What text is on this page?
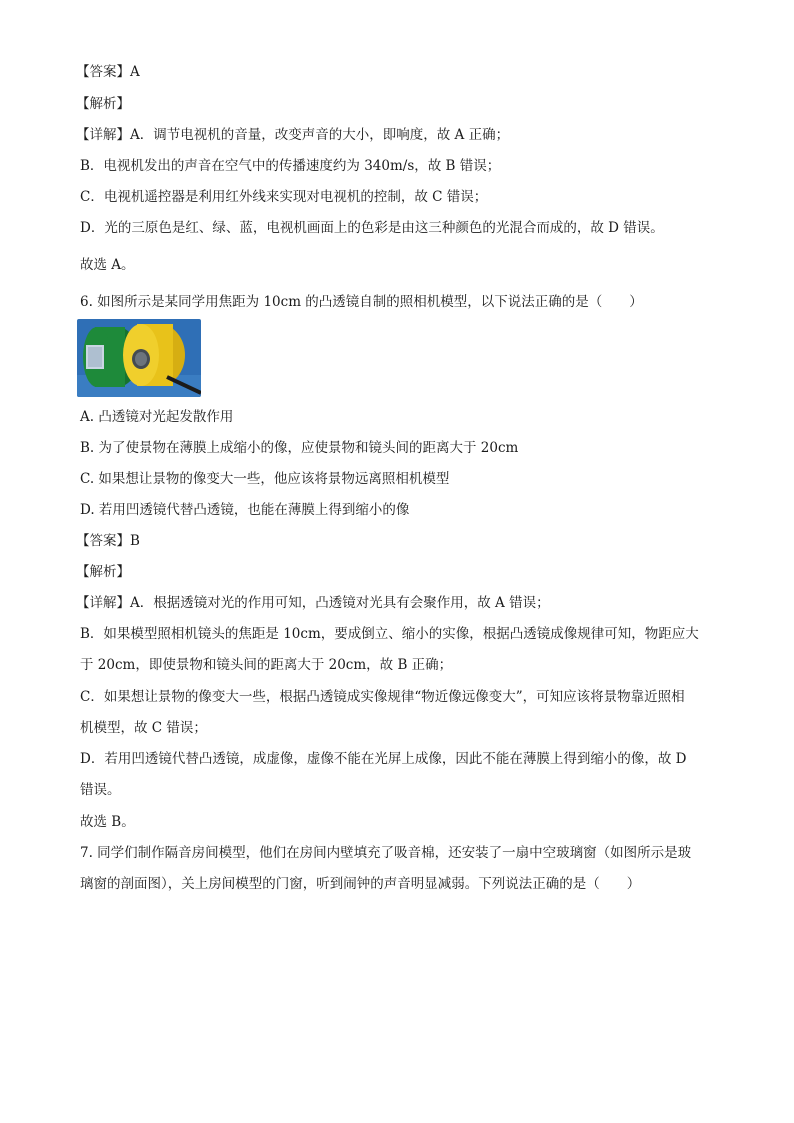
【答案】A
【解析】
【详解】A．调节电视机的音量，改变声音的大小，即响度，故 A 正确；
B．电视机发出的声音在空气中的传播速度约为 340m/s，故 B 错误；
C．电视机遥控器是利用红外线来实现对电视机的控制，故 C 错误；
D．光的三原色是红、绿、蓝，电视机画面上的色彩是由这三种颜色的光混合而成的，故 D 错误。
故选 A。
6. 如图所示是某同学用焦距为 10cm 的凸透镜自制的照相机模型，以下说法正确的是（　　）
A. 凸透镜对光起发散作用
B. 为了使景物在薄膜上成缩小的像，应使景物和镜头间的距离大于 20cm
C. 如果想让景物的像变大一些，他应该将景物远离照相机模型
D. 若用凹透镜代替凸透镜，也能在薄膜上得到缩小的像
【答案】B
【解析】
【详解】A．根据透镜对光的作用可知，凸透镜对光具有会聚作用，故 A 错误；
B．如果模型照相机镜头的焦距是 10cm，要成倒立、缩小的实像，根据凸透镜成像规律可知，物距应大
于 20cm，即使景物和镜头间的距离大于 20cm，故 B 正确；
C．如果想让景物的像变大一些，根据凸透镜成实像规律“物近像远像变大”，可知应该将景物靠近照相
机模型，故 C 错误；
D．若用凹透镜代替凸透镜，成虚像，虚像不能在光屏上成像，因此不能在薄膜上得到缩小的像，故 D
错误。
故选 B。
7. 同学们制作隔音房间模型，他们在房间内壁填充了吸音棉，还安装了一扇中空玻璃窗（如图所示是玻
璃窗的剖面图），关上房间模型的门窗，听到闹钟的声音明显减弱。下列说法正确的是（　　）
